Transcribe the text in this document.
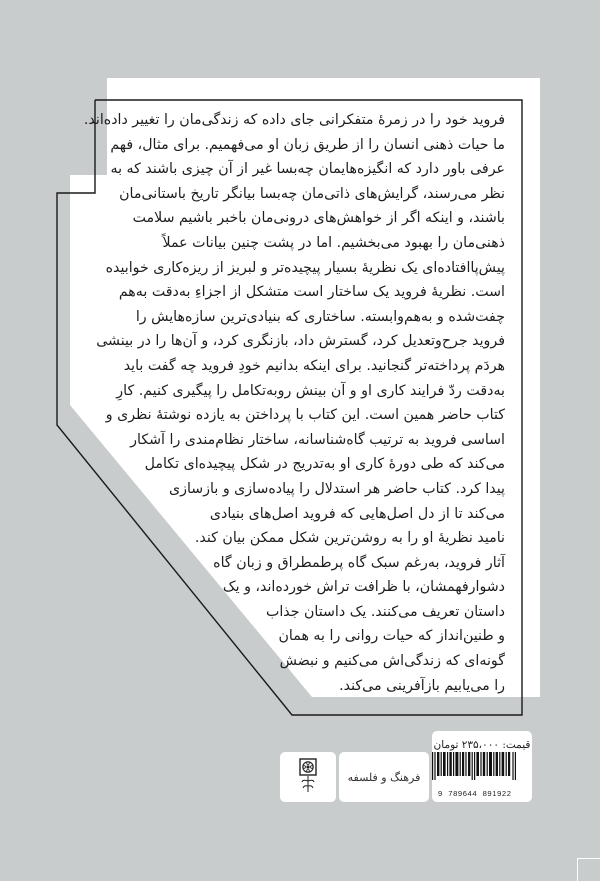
فروید خود را در زمرهٔ متفکرانی جای داده که زندگی‌مان را تغییر داده‌اند.
ما حیات ذهنی انسان را از طریق زبان او می‌فهمیم. برای مثال، فهم
عرفی باور دارد که انگیزه‌هایمان چه‌بسا غیر از آن چیزی باشند که به
نظر می‌رسند، گرایش‌های ذاتی‌مان چه‌بسا بیانگر تاریخ باستانی‌مان
باشند، و اینکه اگر از خواهش‌های درونی‌مان باخبر باشیم سلامت
ذهنی‌مان را بهبود می‌بخشیم. اما در پشت چنین بیانات عملاً
پیش‌پاافتاده‌ای یک نظریهٔ بسیار پیچیده‌تر و لبریز از ریزه‌کاری خوابیده
است. نظریهٔ فروید یک ساختار است متشکل از اجزاءِ به‌دقت به‌هم
چفت‌شده و به‌هم‌وابسته. ساختاری که بنیادی‌ترین سازه‌هایش را
فروید جرح‌وتعدیل کرد، گسترش داد، بازنگری کرد، و آن‌ها را در بینشی
هردَم پرداخته‌تر گنجانید. برای اینکه بدانیم خودِ فروید چه گفت باید
به‌دقت ردّ فرایند کاری او و آن بینش روبه‌تکامل را پیگیری کنیم. کارِ
کتاب حاضر همین است. این کتاب با پرداختن به یازده نوشتهٔ نظری و
اساسی فروید به ترتیب گاه‌شناسانه، ساختار نظام‌مندی را آشکار
می‌کند که طی دورهٔ کاری او به‌تدریج در شکل پیچیده‌ای تکامل
پیدا کرد. کتاب حاضر هر استدلال را پیاده‌سازی و بازسازی
می‌کند تا از دل اصل‌هایی که فروید اصل‌های بنیادی
نامید نظریهٔ او را به روشن‌ترین شکل ممکن بیان کند.
آثار فروید، به‌رغم سبک گاه پرطمطراق و زبان گاه
دشوارفهمشان، با ظرافت تراش خورده‌اند، و یک
داستان تعریف می‌کنند. یک داستان جذاب
و طنین‌انداز که حیات روانی را به همان
گونه‌ای که زندگی‌اش می‌کنیم و نبضش
را می‌یابیم بازآفرینی می‌کند.
قیمت: ۲۳۵،۰۰۰ تومان
9  789644  891922
فرهنگ و فلسفه
